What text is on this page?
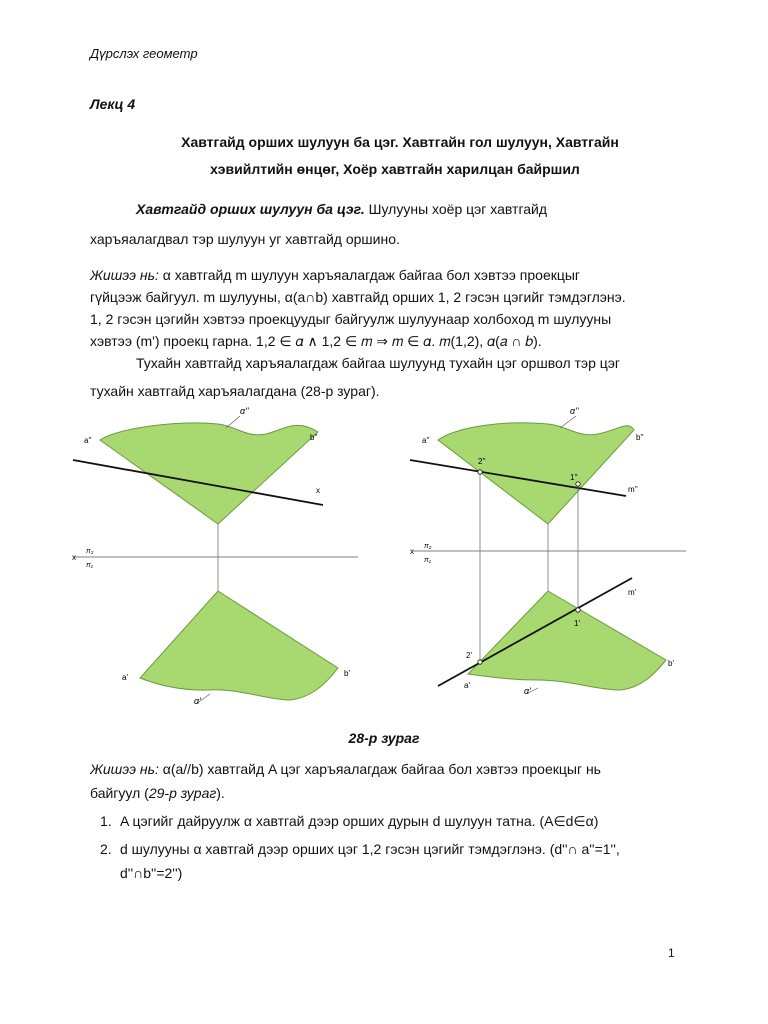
Дүрслэх геометр
Лекц 4
Хавтгайд орших шулуун ба цэг. Хавтгайн гол шулуун, Хавтгайн
хэвийлтийн өнцөг, Хоёр хавтгайн харилцан байршил
Хавтгайд орших шулуун ба цэг. Шулууны хоёр цэг хавтгайд
харъяалагдвал тэр шулуун уг хавтгайд оршино.
Жишээ нь: α хавтгайд m шулуун харъяалагдаж байгаа бол хэвтээ проекцыг
гүйцээж байгуул. m шулууны, α(a∩b) хавтгайд орших 1, 2 гэсэн цэгийг тэмдэглэнэ.
1, 2 гэсэн цэгийн хэвтээ проекцуудыг байгуулж шулуунаар холбоход m шулууны
хэвтээ (m') проекц гарна. 1,2 ∈ 𝛼 ∧ 1,2 ∈ 𝑚 ⇒ 𝑚 ∈ 𝛼. 𝑚(1,2), 𝛼(𝑎 ∩ 𝑏).
Тухайн хавтгайд харъяалагдаж байгаа шулуунд тухайн цэг оршвол тэр цэг
тухайн хавтгайд харъяалагдана (28-р зураг).
α''
a''	b''
x
x
π₂
π₁
a'	b'
α'
α''
a''	b''
2''
1''
m''
x
π₂
π₁
m'
1'
2'
a'
b'
α'
28-р зураг
Жишээ нь: α(a//b) хавтгайд A цэг харъяалагдаж байгаа бол хэвтээ проекцыг нь
байгуул (29-р зураг).
1. A цэгийг дайруулж α хавтгай дээр орших дурын d шулуун татна. (A∈d∈α)
2. d шулууны α хавтгай дээр орших цэг 1,2 гэсэн цэгийг тэмдэглэнэ. (d''∩ a''=1'',
d''∩b''=2'')
1
